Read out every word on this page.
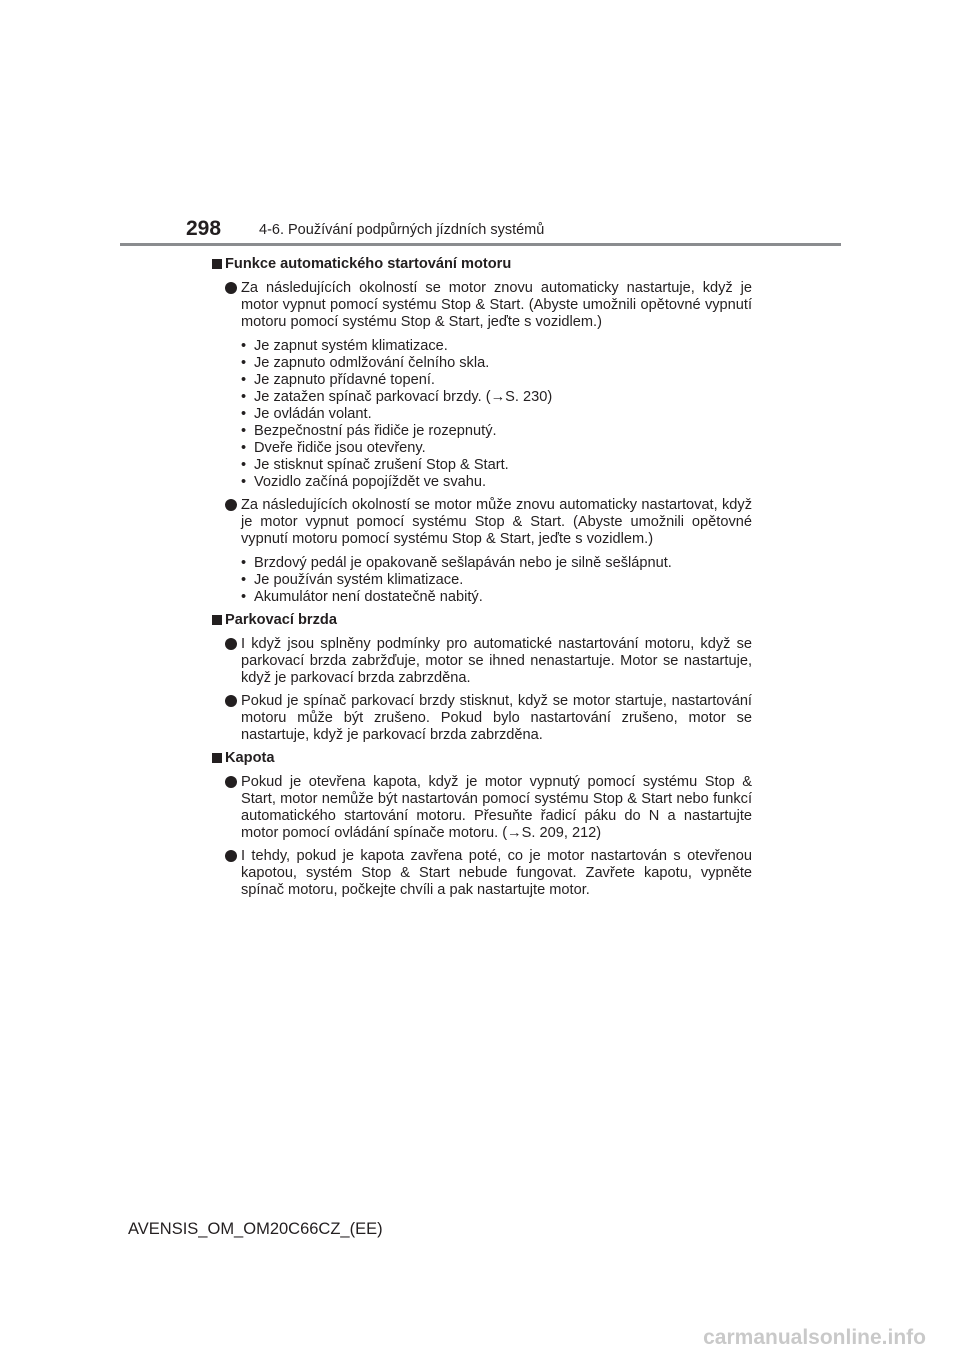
298	4-6. Používání podpůrných jízdních systémů
Funkce automatického startování motoru
Za následujících okolností se motor znovu automaticky nastartuje, když je motor vypnut pomocí systému Stop & Start. (Abyste umožnili opětovné vypnutí motoru pomocí systému Stop & Start, jeďte s vozidlem.)
• Je zapnut systém klimatizace.
• Je zapnuto odmlžování čelního skla.
• Je zapnuto přídavné topení.
• Je zatažen spínač parkovací brzdy. (→S. 230)
• Je ovládán volant.
• Bezpečnostní pás řidiče je rozepnutý.
• Dveře řidiče jsou otevřeny.
• Je stisknut spínač zrušení Stop & Start.
• Vozidlo začíná popojíždět ve svahu.
Za následujících okolností se motor může znovu automaticky nastartovat, když je motor vypnut pomocí systému Stop & Start. (Abyste umožnili opětovné vypnutí motoru pomocí systému Stop & Start, jeďte s vozidlem.)
• Brzdový pedál je opakovaně sešlapáván nebo je silně sešlápnut.
• Je používán systém klimatizace.
• Akumulátor není dostatečně nabitý.
Parkovací brzda
I když jsou splněny podmínky pro automatické nastartování motoru, když se parkovací brzda zabržďuje, motor se ihned nenastartuje. Motor se nastartuje, když je parkovací brzda zabrzděna.
Pokud je spínač parkovací brzdy stisknut, když se motor startuje, nastartování motoru může být zrušeno. Pokud bylo nastartování zrušeno, motor se nastartuje, když je parkovací brzda zabrzděna.
Kapota
Pokud je otevřena kapota, když je motor vypnutý pomocí systému Stop & Start, motor nemůže být nastartován pomocí systému Stop & Start nebo funkcí automatického startování motoru. Přesuňte řadicí páku do N a nastartujte motor pomocí ovládání spínače motoru. (→S. 209, 212)
I tehdy, pokud je kapota zavřena poté, co je motor nastartován s otevřenou kapotou, systém Stop & Start nebude fungovat. Zavřete kapotu, vypněte spínač motoru, počkejte chvíli a pak nastartujte motor.
AVENSIS_OM_OM20C66CZ_(EE)
carmanualsonline.info
